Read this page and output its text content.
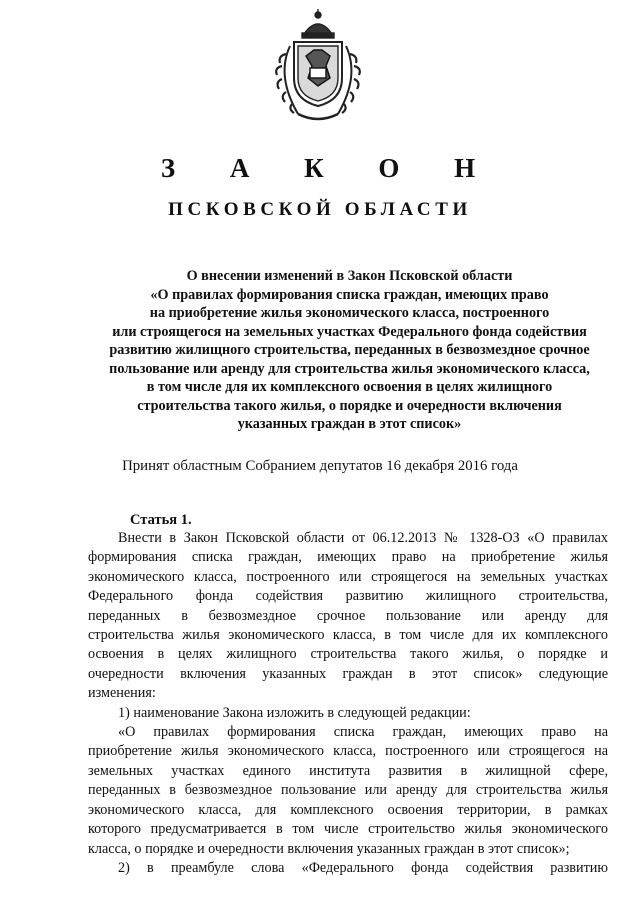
З А К О Н
ПСКОВСКОЙ ОБЛАСТИ
О внесении изменений в Закон Псковской области
«О правилах формирования списка граждан, имеющих право
на приобретение жилья экономического класса, построенного
или строящегося на земельных участках Федерального фонда содействия
развитию жилищного строительства, переданных в безвозмездное срочное
пользование или аренду для строительства жилья экономического класса,
в том числе для их комплексного освоения в целях жилищного
строительства такого жилья, о порядке и очередности включения
указанных граждан в этот список»
Принят областным Собранием депутатов 16 декабря 2016 года
Статья 1.
Внести в Закон Псковской области от 06.12.2013 № 1328-ОЗ «О правилах
формирования списка граждан, имеющих право на приобретение жилья
экономического класса, построенного или строящегося на земельных участках
Федерального фонда содействия развитию жилищного строительства,
переданных в безвозмездное срочное пользование или аренду для
строительства жилья экономического класса, в том числе для их комплексного
освоения в целях жилищного строительства такого жилья, о порядке и
очередности включения указанных граждан в этот список» следующие
изменения:
1) наименование Закона изложить в следующей редакции:
«О правилах формирования списка граждан, имеющих право на
приобретение жилья экономического класса, построенного или строящегося на
земельных участках единого института развития в жилищной сфере,
переданных в безвозмездное пользование или аренду для строительства жилья
экономического класса, для комплексного освоения территории, в рамках
которого предусматривается в том числе строительство жилья экономического
класса, о порядке и очередности включения указанных граждан в этот список»;
2) в преамбуле слова «Федерального фонда содействия развитию
